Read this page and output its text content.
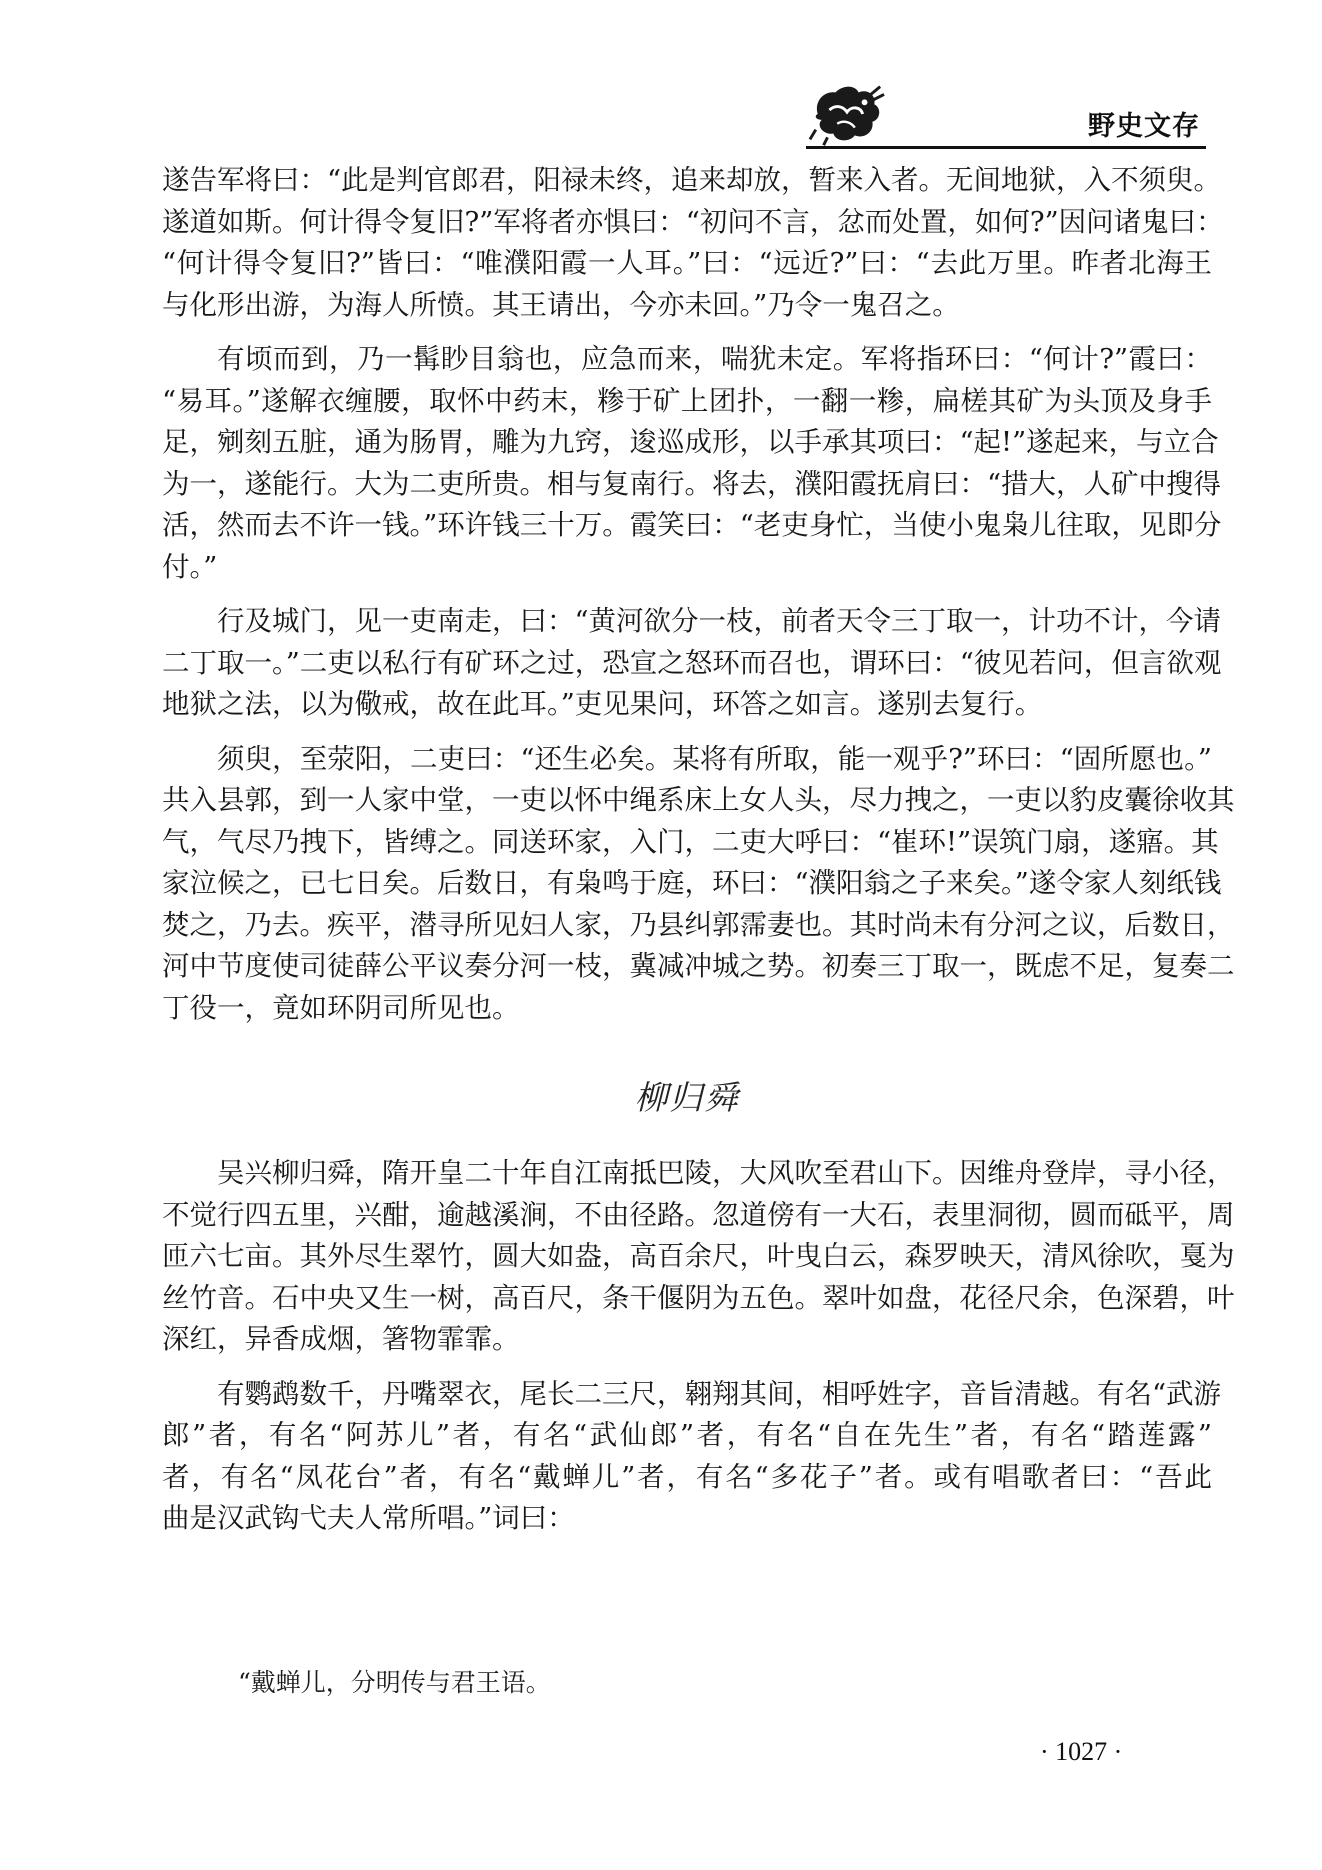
野史文存
遂告军将曰：“此是判官郎君，阳禄未终，追来却放，暂来入者。无间地狱，入不须臾。
遂道如斯。何计得令复旧?”军将者亦惧曰：“初问不言，忿而处置，如何?”因问诸鬼曰：
“何计得令复旧?”皆曰：“唯濮阳霞一人耳。”曰：“远近?”曰：“去此万里。昨者北海王
与化形出游，为海人所愤。其王请出，今亦未回。”乃令一鬼召之。
有顷而到，乃一髯眇目翁也，应急而来，喘犹未定。军将指环曰：“何计?”霞曰：
“易耳。”遂解衣缠腰，取怀中药末，糁于矿上团扑，一翻一糁，扁槎其矿为头顶及身手
足，剜刻五脏，通为肠胃，雕为九窍，逡巡成形，以手承其项曰：“起!”遂起来，与立合
为一，遂能行。大为二吏所贵。相与复南行。将去，濮阳霞抚肩曰：“措大，人矿中搜得
活，然而去不许一钱。”环许钱三十万。霞笑曰：“老吏身忙，当使小鬼枭儿往取，见即分
付。”
行及城门，见一吏南走，曰：“黄河欲分一枝，前者天令三丁取一，计功不计，今请
二丁取一。”二吏以私行有矿环之过，恐宣之怒环而召也，谓环曰：“彼见若问，但言欲观
地狱之法，以为儆戒，故在此耳。”吏见果问，环答之如言。遂别去复行。
须臾，至荥阳，二吏曰：“还生必矣。某将有所取，能一观乎?”环曰：“固所愿也。”
共入县郭，到一人家中堂，一吏以怀中绳系床上女人头，尽力拽之，一吏以豹皮囊徐收其
气，气尽乃拽下，皆缚之。同送环家，入门，二吏大呼曰：“崔环!”误筑门扇，遂寤。其
家泣候之，已七日矣。后数日，有枭鸣于庭，环曰：“濮阳翁之子来矣。”遂令家人刻纸钱
焚之，乃去。疾平，潜寻所见妇人家，乃县纠郭霈妻也。其时尚未有分河之议，后数日，
河中节度使司徒薛公平议奏分河一枝，冀减冲城之势。初奏三丁取一，既虑不足，复奏二
丁役一，竟如环阴司所见也。
柳归舜
吴兴柳归舜，隋开皇二十年自江南抵巴陵，大风吹至君山下。因维舟登岸，寻小径，
不觉行四五里，兴酣，逾越溪涧，不由径路。忽道傍有一大石，表里洞彻，圆而砥平，周
匝六七亩。其外尽生翠竹，圆大如盎，高百余尺，叶曳白云，森罗映天，清风徐吹，戛为
丝竹音。石中央又生一树，高百尺，条干偃阴为五色。翠叶如盘，花径尺余，色深碧，叶
深红，异香成烟，箸物霏霏。
有鹦鹉数千，丹嘴翠衣，尾长二三尺，翱翔其间，相呼姓字，音旨清越。有名“武游
郎”者，有名“阿苏儿”者，有名“武仙郎”者，有名“自在先生”者，有名“踏莲露”
者，有名“凤花台”者，有名“戴蝉儿”者，有名“多花子”者。或有唱歌者曰：“吾此
曲是汉武钩弋夫人常所唱。”词曰：
“戴蝉儿，分明传与君王语。
· 1027 ·
